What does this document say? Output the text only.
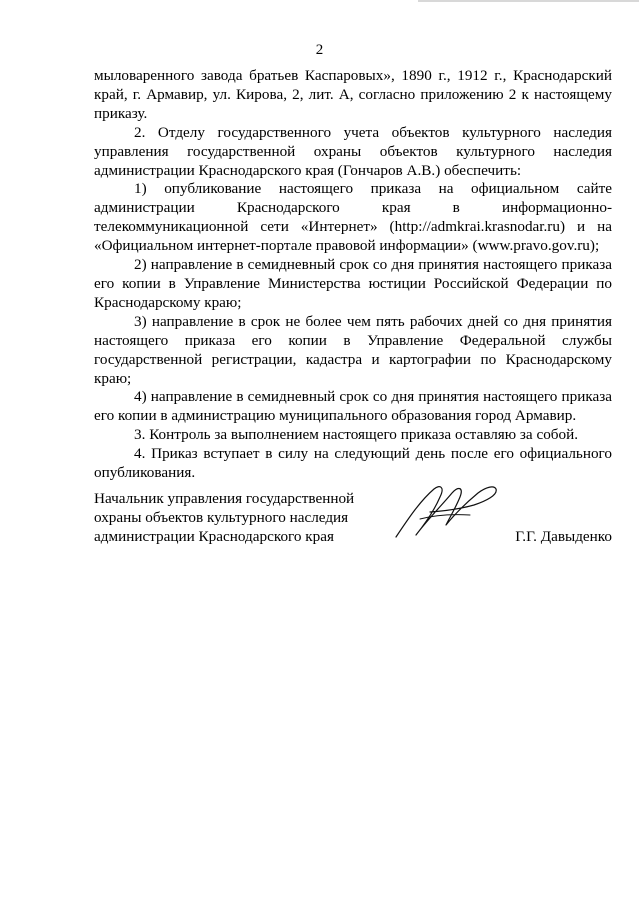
2

мыловаренного завода братьев Каспаровых», 1890 г., 1912 г., Краснодарский край, г. Армавир, ул. Кирова, 2, лит. А, согласно приложению 2 к настоящему приказу.

2. Отделу государственного учета объектов культурного наследия управления государственной охраны объектов культурного наследия администрации Краснодарского края (Гончаров А.В.) обеспечить:

1) опубликование настоящего приказа на официальном сайте администрации Краснодарского края в информационно-телекоммуникационной сети «Интернет» (http://admkrai.krasnodar.ru) и на «Официальном интернет-портале правовой информации» (www.pravo.gov.ru);

2) направление в семидневный срок со дня принятия настоящего приказа его копии в Управление Министерства юстиции Российской Федерации по Краснодарскому краю;

3) направление в срок не более чем пять рабочих дней со дня принятия настоящего приказа его копии в Управление Федеральной службы государственной регистрации, кадастра и картографии по Краснодарскому краю;

4) направление в семидневный срок со дня принятия настоящего приказа его копии в администрацию муниципального образования город Армавир.

3. Контроль за выполнением настоящего приказа оставляю за собой.

4. Приказ вступает в силу на следующий день после его официального опубликования.

Начальник управления государственной
охраны объектов культурного наследия
администрации Краснодарского края	Г.Г. Давыденко
